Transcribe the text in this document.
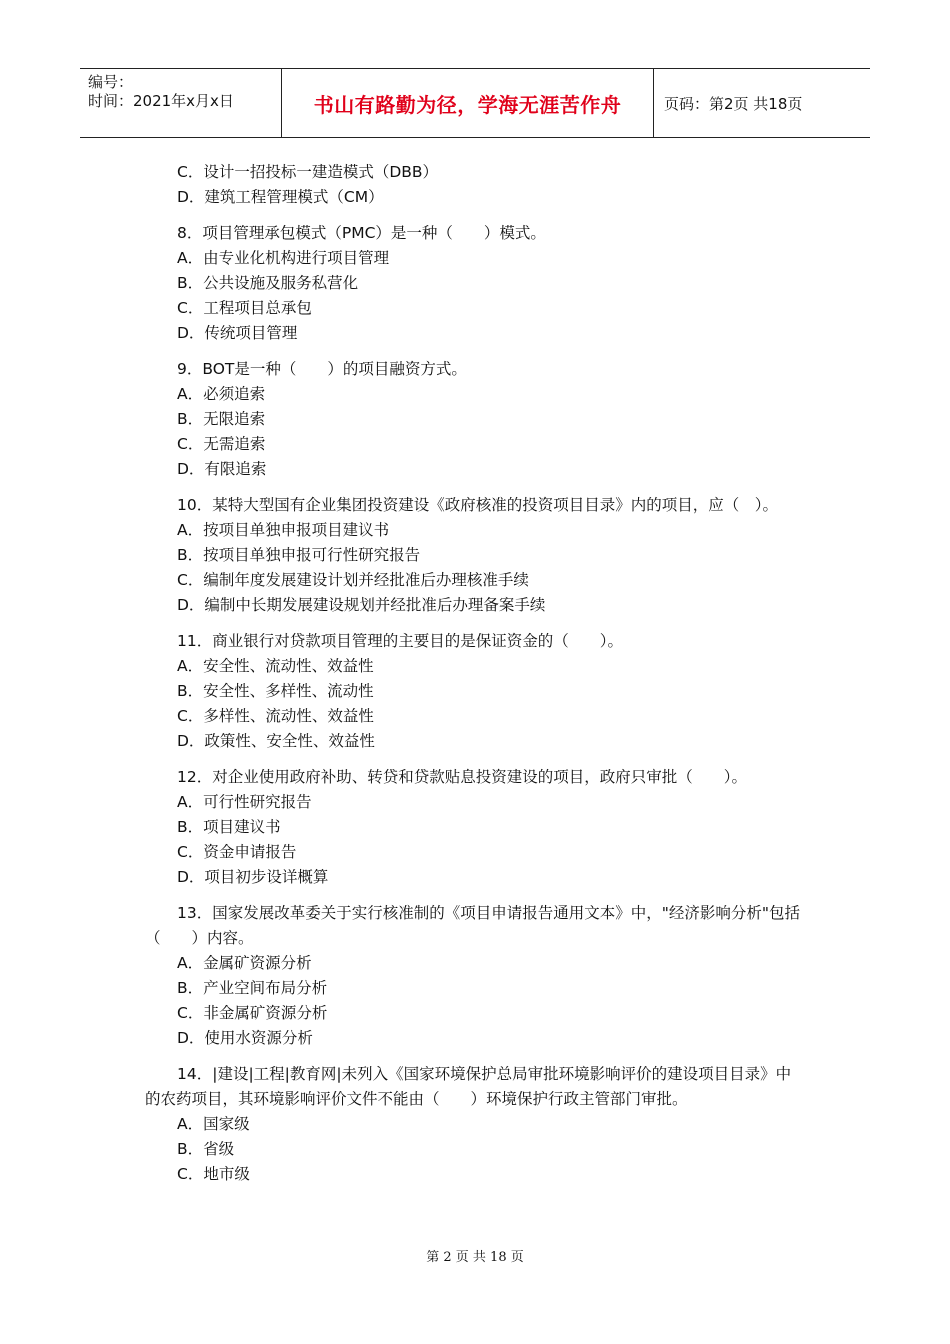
编号：
时间：2021年x月x日	书山有路勤为径，学海无涯苦作舟	页码：第2页 共18页
C．设计一招投标一建造模式（DBB）
D．建筑工程管理模式（CM）
8．项目管理承包模式（PMC）是一种（　　）模式。
A．由专业化机构进行项目管理
B．公共设施及服务私营化
C．工程项目总承包
D．传统项目管理
9．BOT是一种（　　）的项目融资方式。
A．必须追索
B．无限追索
C．无需追索
D．有限追索
10．某特大型国有企业集团投资建设《政府核准的投资项目目录》内的项目，应（　）。
A．按项目单独申报项目建议书
B．按项目单独申报可行性研究报告
C．编制年度发展建设计划并经批准后办理核准手续
D．编制中长期发展建设规划并经批准后办理备案手续
11．商业银行对贷款项目管理的主要目的是保证资金的（　　）。
A．安全性、流动性、效益性
B．安全性、多样性、流动性
C．多样性、流动性、效益性
D．政策性、安全性、效益性
12．对企业使用政府补助、转贷和贷款贴息投资建设的项目，政府只审批（　　）。
A．可行性研究报告
B．项目建议书
C．资金申请报告
D．项目初步设详概算
13．国家发展改革委关于实行核准制的《项目申请报告通用文本》中，"经济影响分析"包括（　　）内容。
A．金属矿资源分析
B．产业空间布局分析
C．非金属矿资源分析
D．使用水资源分析
14．|建设|工程|教育网|未列入《国家环境保护总局审批环境影响评价的建设项目目录》中的农药项目，其环境影响评价文件不能由（　　）环境保护行政主管部门审批。
A．国家级
B．省级
C．地市级
第 2 页 共 18 页
